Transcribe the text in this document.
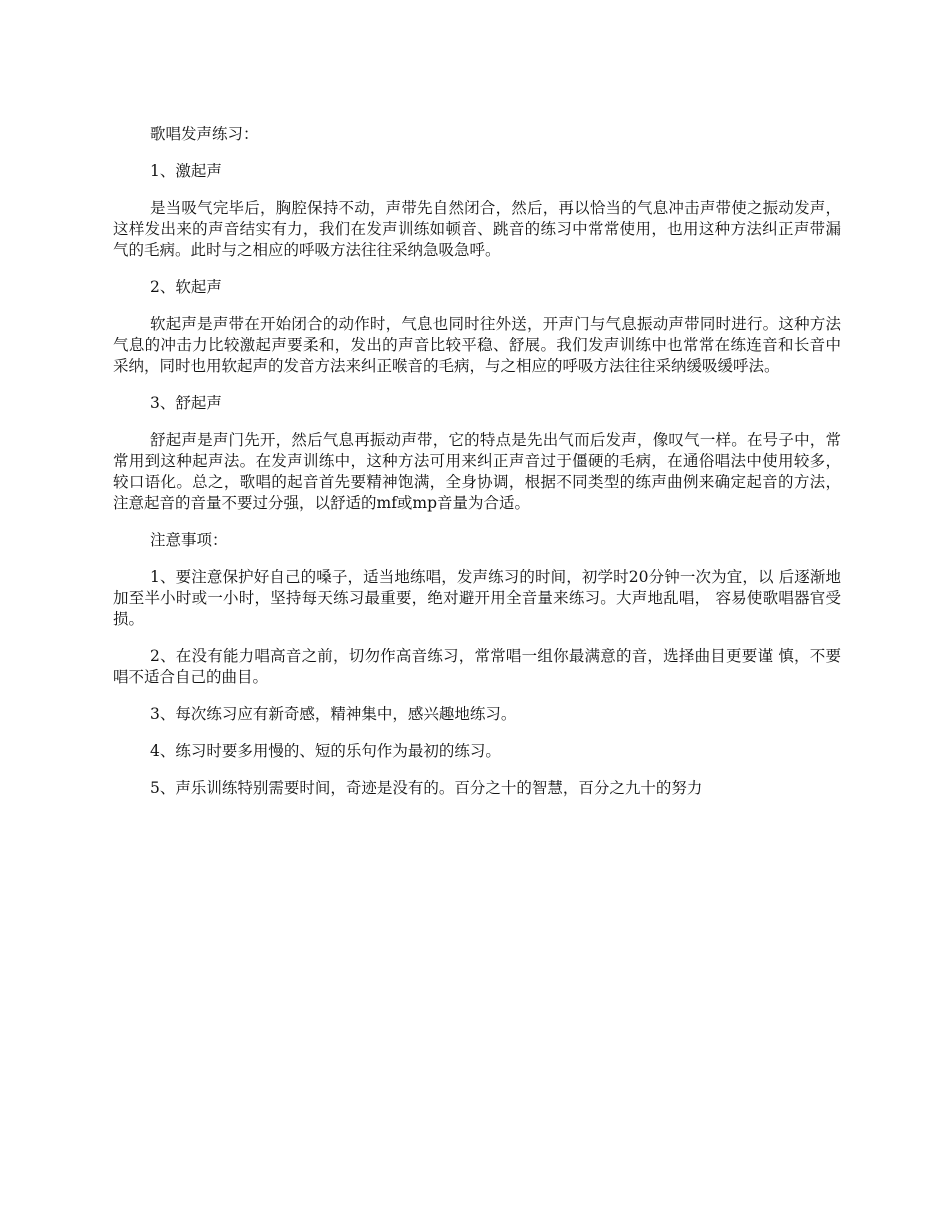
歌唱发声练习：

1、激起声

是当吸气完毕后，胸腔保持不动，声带先自然闭合，然后，再以恰当的气息冲击声带使之振动发声，这样发出来的声音结实有力，我们在发声训练如顿音、跳音的练习中常常使用，也用这种方法纠正声带漏气的毛病。此时与之相应的呼吸方法往往采纳急吸急呼。

2、软起声

软起声是声带在开始闭合的动作时，气息也同时往外送，开声门与气息振动声带同时进行。这种方法气息的冲击力比较激起声要柔和，发出的声音比较平稳、舒展。我们发声训练中也常常在练连音和长音中采纳，同时也用软起声的发音方法来纠正喉音的毛病，与之相应的呼吸方法往往采纳缓吸缓呼法。

3、舒起声

舒起声是声门先开，然后气息再振动声带，它的特点是先出气而后发声，像叹气一样。在号子中，常常用到这种起声法。在发声训练中，这种方法可用来纠正声音过于僵硬的毛病，在通俗唱法中使用较多，较口语化。总之，歌唱的起音首先要精神饱满，全身协调，根据不同类型的练声曲例来确定起音的方法，注意起音的音量不要过分强，以舒适的mf或mp音量为合适。

注意事项：

1、要注意保护好自己的嗓子，适当地练唱，发声练习的时间，初学时20分钟一次为宜，以 后逐渐地加至半小时或一小时，坚持每天练习最重要，绝对避开用全音量来练习。大声地乱唱， 容易使歌唱器官受损。

2、在没有能力唱高音之前，切勿作高音练习，常常唱一组你最满意的音，选择曲目更要谨 慎，不要唱不适合自己的曲目。

3、每次练习应有新奇感，精神集中，感兴趣地练习。

4、练习时要多用慢的、短的乐句作为最初的练习。

5、声乐训练特别需要时间，奇迹是没有的。百分之十的智慧，百分之九十的努力
